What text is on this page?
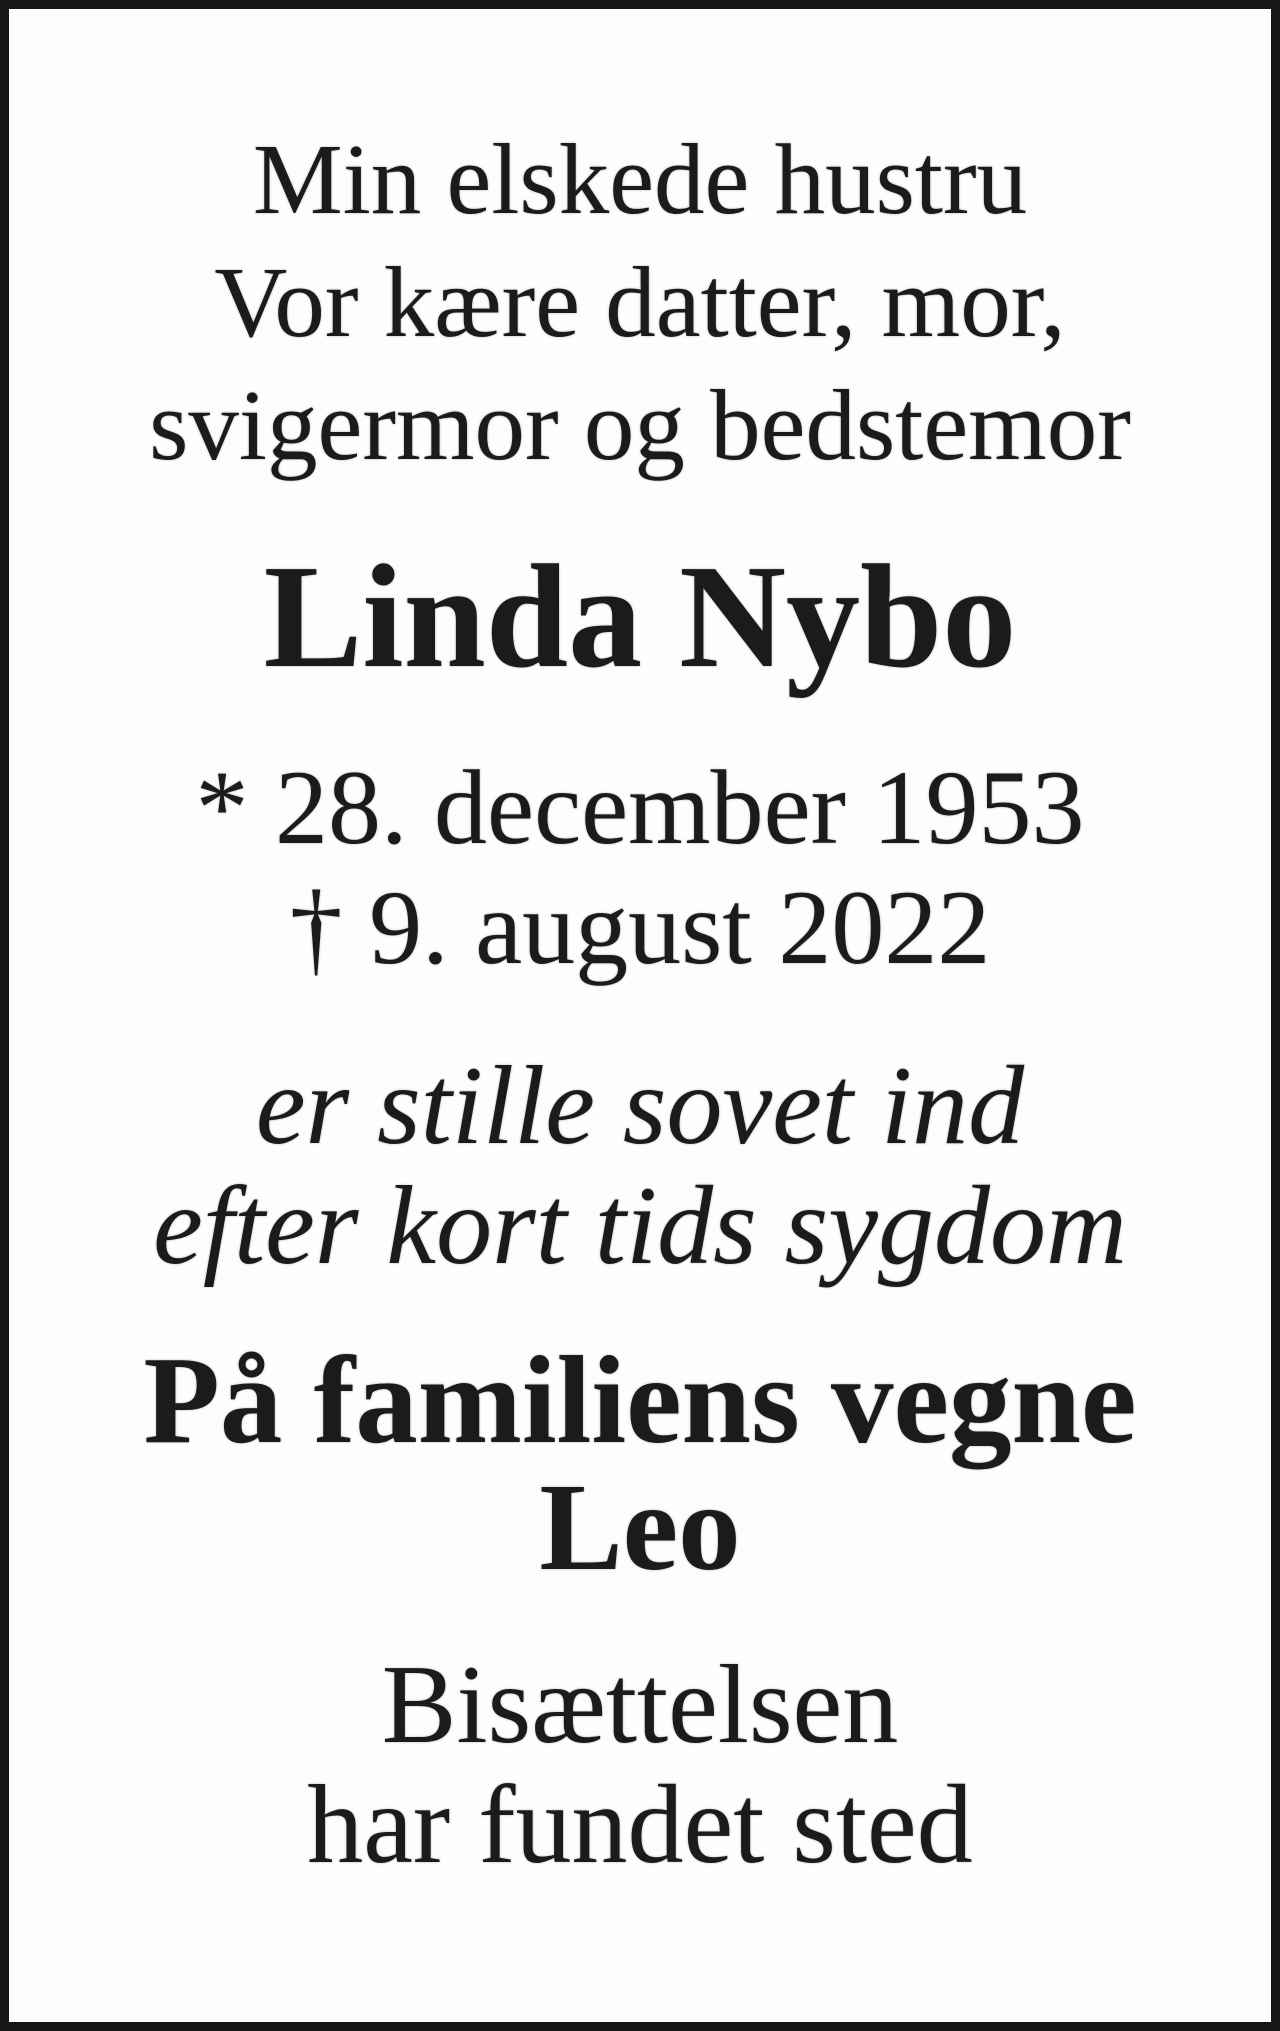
Min elskede hustru
Vor kære datter, mor,
svigermor og bedstemor
Linda Nybo
* 28. december 1953
† 9. august 2022
er stille sovet ind
efter kort tids sygdom
På familiens vegne
Leo
Bisættelsen
har fundet sted
